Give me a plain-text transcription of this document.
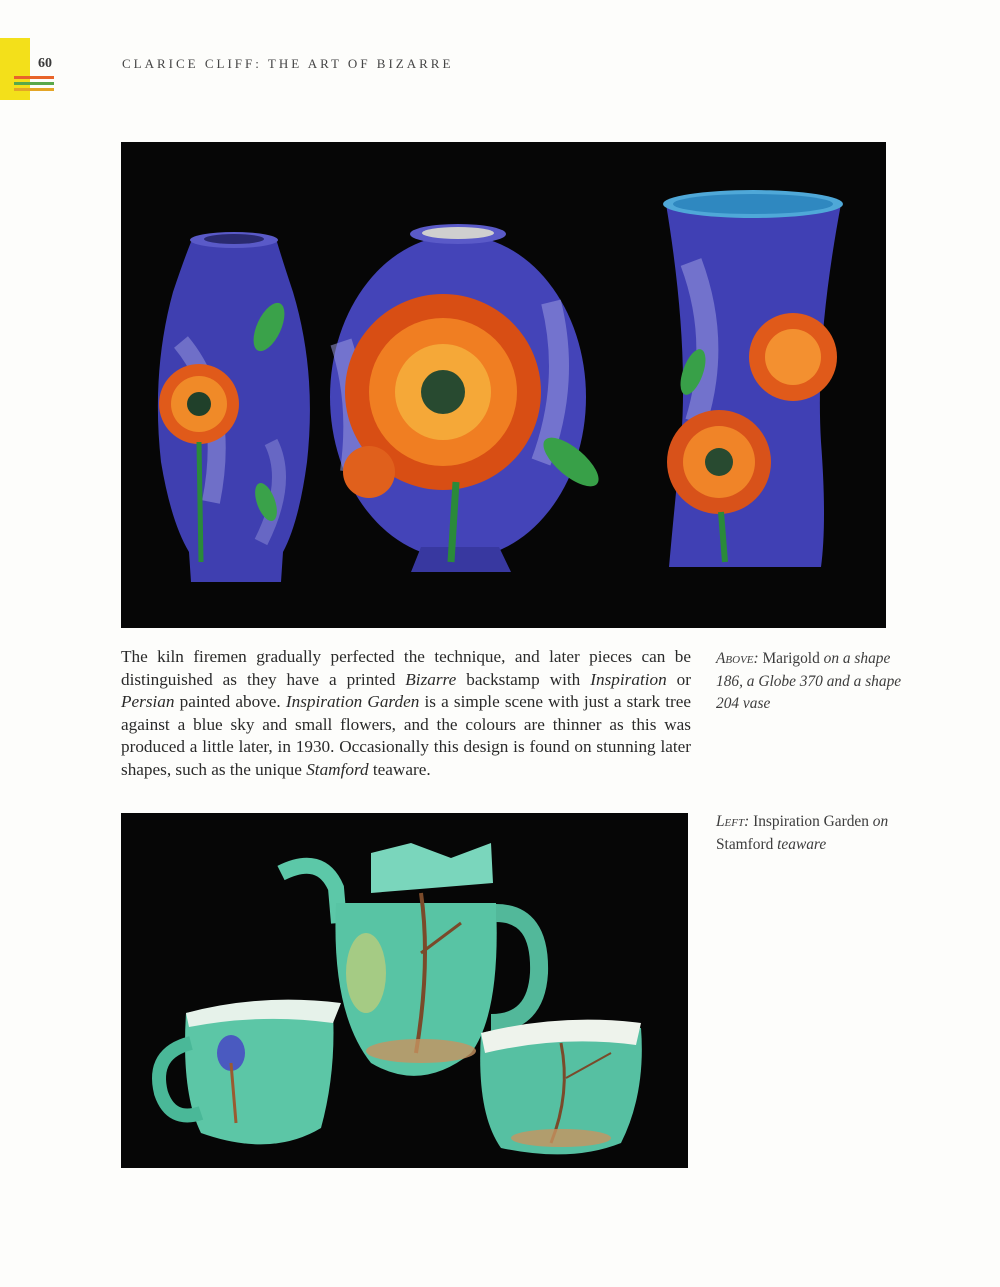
60	CLARICE CLIFF: THE ART OF BIZARRE

The kiln firemen gradually perfected the technique, and later pieces can be distinguished as they have a printed Bizarre backstamp with Inspiration or Persian painted above. Inspiration Garden is a simple scene with just a stark tree against a blue sky and small flowers, and the colours are thinner as this was produced a little later, in 1930. Occasionally this design is found on stunning later shapes, such as the unique Stamford teaware.

Above: Marigold on a shape 186, a Globe 370 and a shape 204 vase

Left: Inspiration Garden on Stamford teaware
